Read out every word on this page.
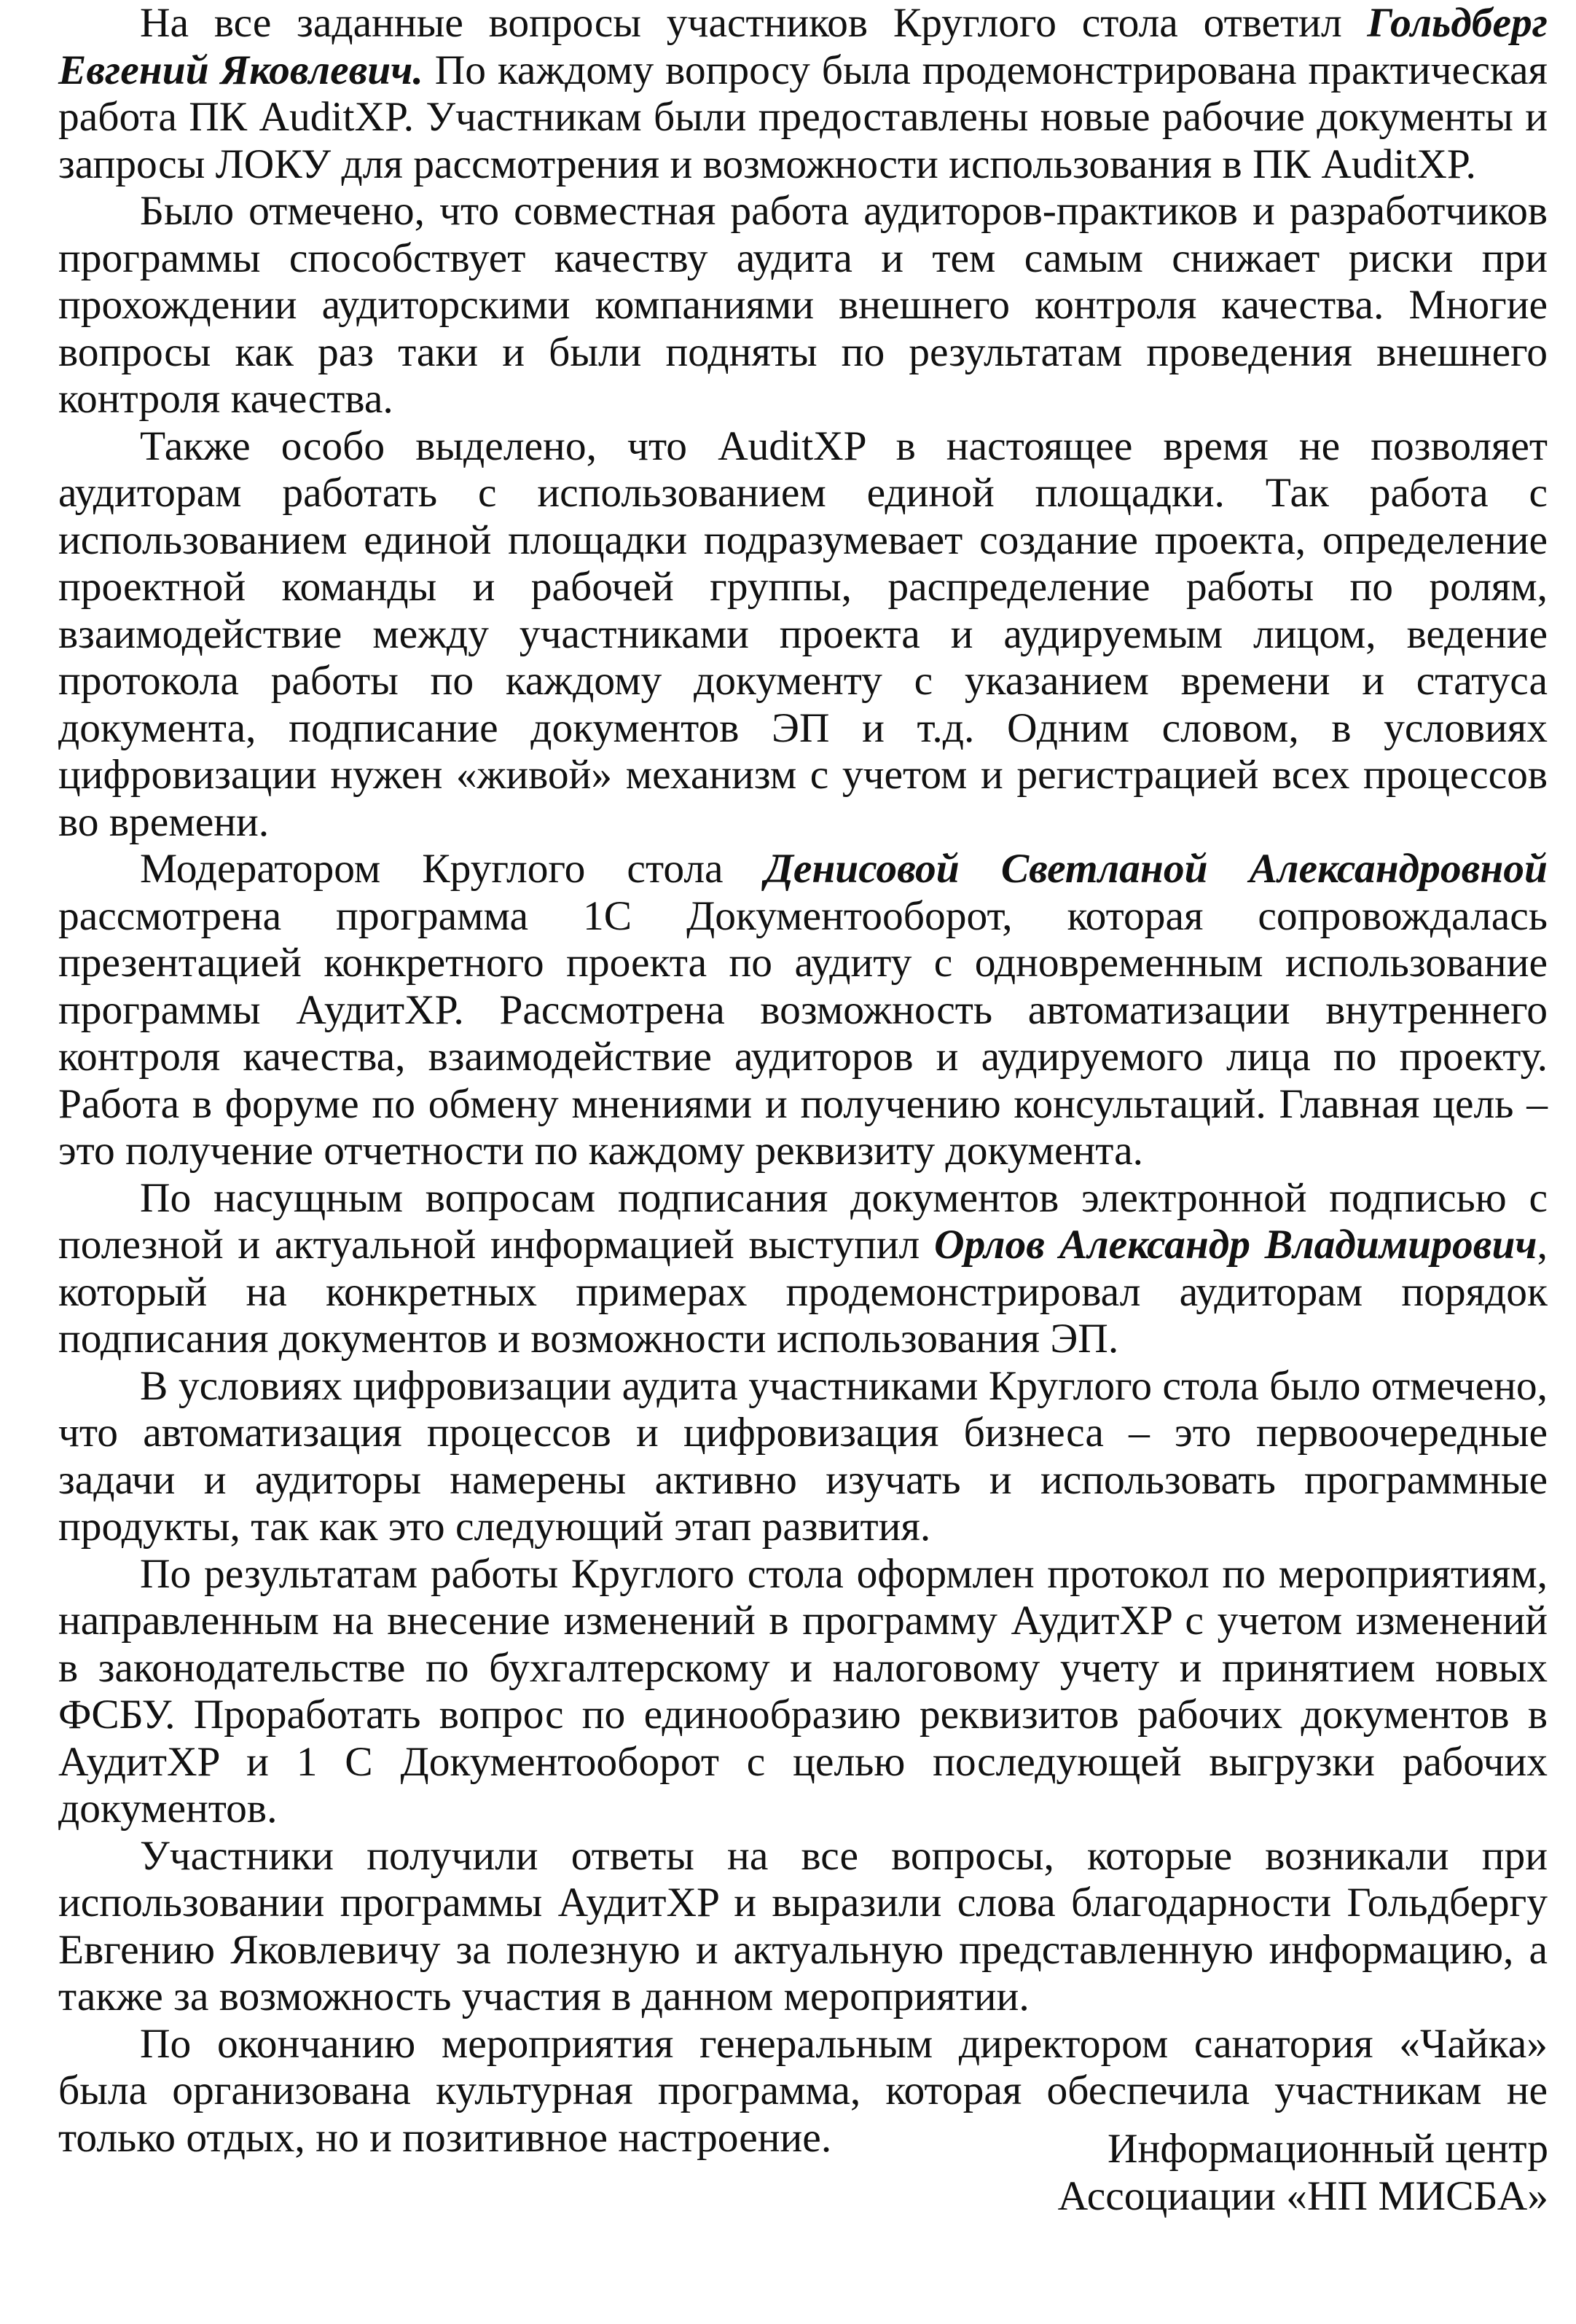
На все заданные вопросы участников Круглого стола ответил Гольдберг Евгений Яковлевич. По каждому вопросу была продемонстрирована практическая работа ПК AuditXP. Участникам были предоставлены новые рабочие документы и запросы ЛОКУ для рассмотрения и возможности использования в ПК AuditXP.

Было отмечено, что совместная работа аудиторов-практиков и разработчиков программы способствует качеству аудита и тем самым снижает риски при прохождении аудиторскими компаниями внешнего контроля качества. Многие вопросы как раз таки и были подняты по результатам проведения внешнего контроля качества.

Также особо выделено, что AuditXP в настоящее время не позволяет аудиторам работать с использованием единой площадки. Так работа с использованием единой площадки подразумевает создание проекта, определение проектной команды и рабочей группы, распределение работы по ролям, взаимодействие между участниками проекта и аудируемым лицом, ведение протокола работы по каждому документу с указанием времени и статуса документа, подписание документов ЭП и т.д. Одним словом, в условиях цифровизации нужен «живой» механизм с учетом и регистрацией всех процессов во времени.

Модератором Круглого стола Денисовой Светланой Александровной рассмотрена программа 1С Документооборот, которая сопровождалась презентацией конкретного проекта по аудиту с одновременным использование программы АудитXP. Рассмотрена возможность автоматизации внутреннего контроля качества, взаимодействие аудиторов и аудируемого лица по проекту. Работа в форуме по обмену мнениями и получению консультаций. Главная цель – это получение отчетности по каждому реквизиту документа.

По насущным вопросам подписания документов электронной подписью с полезной и актуальной информацией выступил Орлов Александр Владимирович, который на конкретных примерах продемонстрировал аудиторам порядок подписания документов и возможности использования ЭП.

В условиях цифровизации аудита участниками Круглого стола было отмечено, что автоматизация процессов и цифровизация бизнеса – это первоочередные задачи и аудиторы намерены активно изучать и использовать программные продукты, так как это следующий этап развития.

По результатам работы Круглого стола оформлен протокол по мероприятиям, направленным на внесение изменений в программу АудитXP с учетом изменений в законодательстве по бухгалтерскому и налоговому учету и принятием новых ФСБУ. Проработать вопрос по единообразию реквизитов рабочих документов в АудитXP и 1 С Документооборот с целью последующей выгрузки рабочих документов.

Участники получили ответы на все вопросы, которые возникали при использовании программы АудитXP и выразили слова благодарности Гольдбергу Евгению Яковлевичу за полезную и актуальную представленную информацию, а также за возможность участия в данном мероприятии.

По окончанию мероприятия генеральным директором санатория «Чайка» была организована культурная программа, которая обеспечила участникам не только отдых, но и позитивное настроение.	Информационный центр
Ассоциации «НП МИСБА»
